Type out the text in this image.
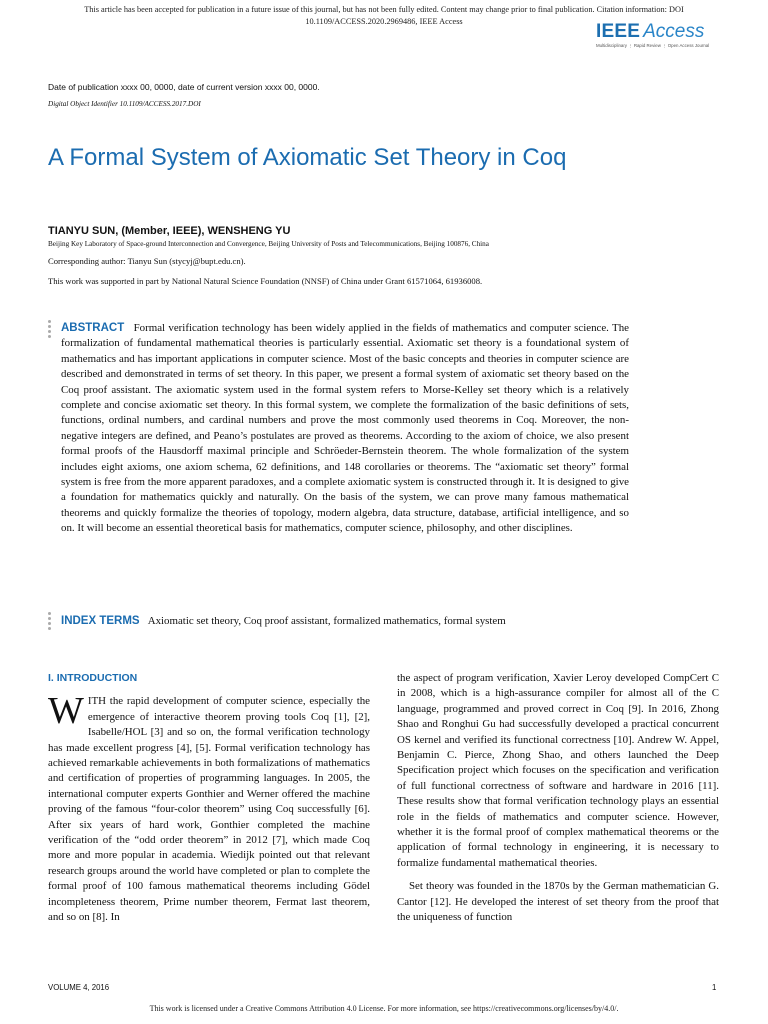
This article has been accepted for publication in a future issue of this journal, but has not been fully edited. Content may change prior to final publication. Citation information: DOI
10.1109/ACCESS.2020.2969486, IEEE Access	IEEE Access
Multidisciplinary ⋮ Rapid Review ⋮ Open Access Journal
Date of publication xxxx 00, 0000, date of current version xxxx 00, 0000.
Digital Object Identifier 10.1109/ACCESS.2017.DOI
A Formal System of Axiomatic Set Theory in Coq
TIANYU SUN, (Member, IEEE), WENSHENG YU
Beijing Key Laboratory of Space-ground Interconnection and Convergence, Beijing University of Posts and Telecommunications, Beijing 100876, China
Corresponding author: Tianyu Sun (stycyj@bupt.edu.cn).
This work was supported in part by National Natural Science Foundation (NNSF) of China under Grant 61571064, 61936008.
ABSTRACT Formal verification technology has been widely applied in the fields of mathematics and computer science. The formalization of fundamental mathematical theories is particularly essential. Axiomatic set theory is a foundational system of mathematics and has important applications in computer science. Most of the basic concepts and theories in computer science are described and demonstrated in terms of set theory. In this paper, we present a formal system of axiomatic set theory based on the Coq proof assistant. The axiomatic system used in the formal system refers to Morse-Kelley set theory which is a relatively complete and concise axiomatic set theory. In this formal system, we complete the formalization of the basic definitions of sets, functions, ordinal numbers, and cardinal numbers and prove the most commonly used theorems in Coq. Moreover, the non-negative integers are defined, and Peano’s postulates are proved as theorems. According to the axiom of choice, we also present formal proofs of the Hausdorff maximal principle and Schröeder-Bernstein theorem. The whole formalization of the system includes eight axioms, one axiom schema, 62 definitions, and 148 corollaries or theorems. The “axiomatic set theory” formal system is free from the more apparent paradoxes, and a complete axiomatic system is constructed through it. It is designed to give a foundation for mathematics quickly and naturally. On the basis of the system, we can prove many famous mathematical theorems and quickly formalize the theories of topology, modern algebra, data structure, database, artificial intelligence, and so on. It will become an essential theoretical basis for mathematics, computer science, philosophy, and other disciplines.
INDEX TERMS Axiomatic set theory, Coq proof assistant, formalized mathematics, formal system
I. INTRODUCTION

WITH the rapid development of computer science, especially the emergence of interactive theorem proving tools Coq [1], [2], Isabelle/HOL [3] and so on, the formal verification technology has made excellent progress [4], [5]. Formal verification technology has achieved remarkable achievements in both formalizations of mathematics and certification of properties of programming languages. In 2005, the international computer experts Gonthier and Werner offered the machine proving of the famous “four-color theorem” using Coq successfully [6]. After six years of hard work, Gonthier completed the machine verification of the “odd order theorem” in 2012 [7], which made Coq more and more popular in academia. Wiedijk pointed out that relevant research groups around the world have completed or plan to complete the formal proof of 100 famous mathematical theorems including Gödel incompleteness theorem, Prime number theorem, Fermat last theorem, and so on [8]. In

the aspect of program verification, Xavier Leroy developed CompCert C in 2008, which is a high-assurance compiler for almost all of the C language, programmed and proved correct in Coq [9]. In 2016, Zhong Shao and Ronghui Gu had successfully developed a practical concurrent OS kernel and verified its functional correctness [10]. Andrew W. Appel, Benjamin C. Pierce, Zhong Shao, and others launched the Deep Specification project which focuses on the specification and verification of full functional correctness of software and hardware in 2016 [11]. These results show that formal verification technology plays an essential role in the fields of mathematics and computer science. However, whether it is the formal proof of complex mathematical theorems or the application of formal technology in engineering, it is necessary to formalize fundamental mathematical theories.

Set theory was founded in the 1870s by the German mathematician G. Cantor [12]. He developed the interest of set theory from the proof that the uniqueness of function

VOLUME 4, 2016	1
This work is licensed under a Creative Commons Attribution 4.0 License. For more information, see https://creativecommons.org/licenses/by/4.0/.
